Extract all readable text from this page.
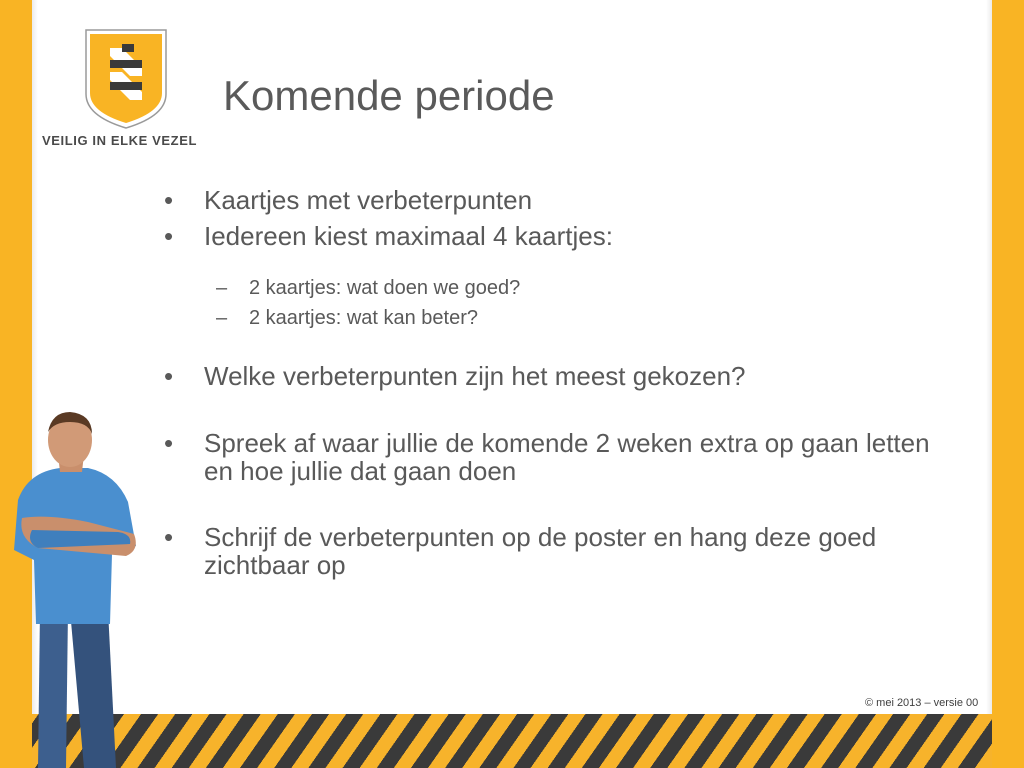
VEILIG IN ELKE VEZEL
Komende periode
• Kaartjes met verbeterpunten
• Iedereen kiest maximaal 4 kaartjes:
– 2 kaartjes: wat doen we goed?
– 2 kaartjes: wat kan beter?
• Welke verbeterpunten zijn het meest gekozen?
• Spreek af waar jullie de komende 2 weken extra op gaan letten en hoe jullie dat gaan doen
• Schrijf de verbeterpunten op de poster en hang deze goed zichtbaar op
© mei 2013 – versie 00
